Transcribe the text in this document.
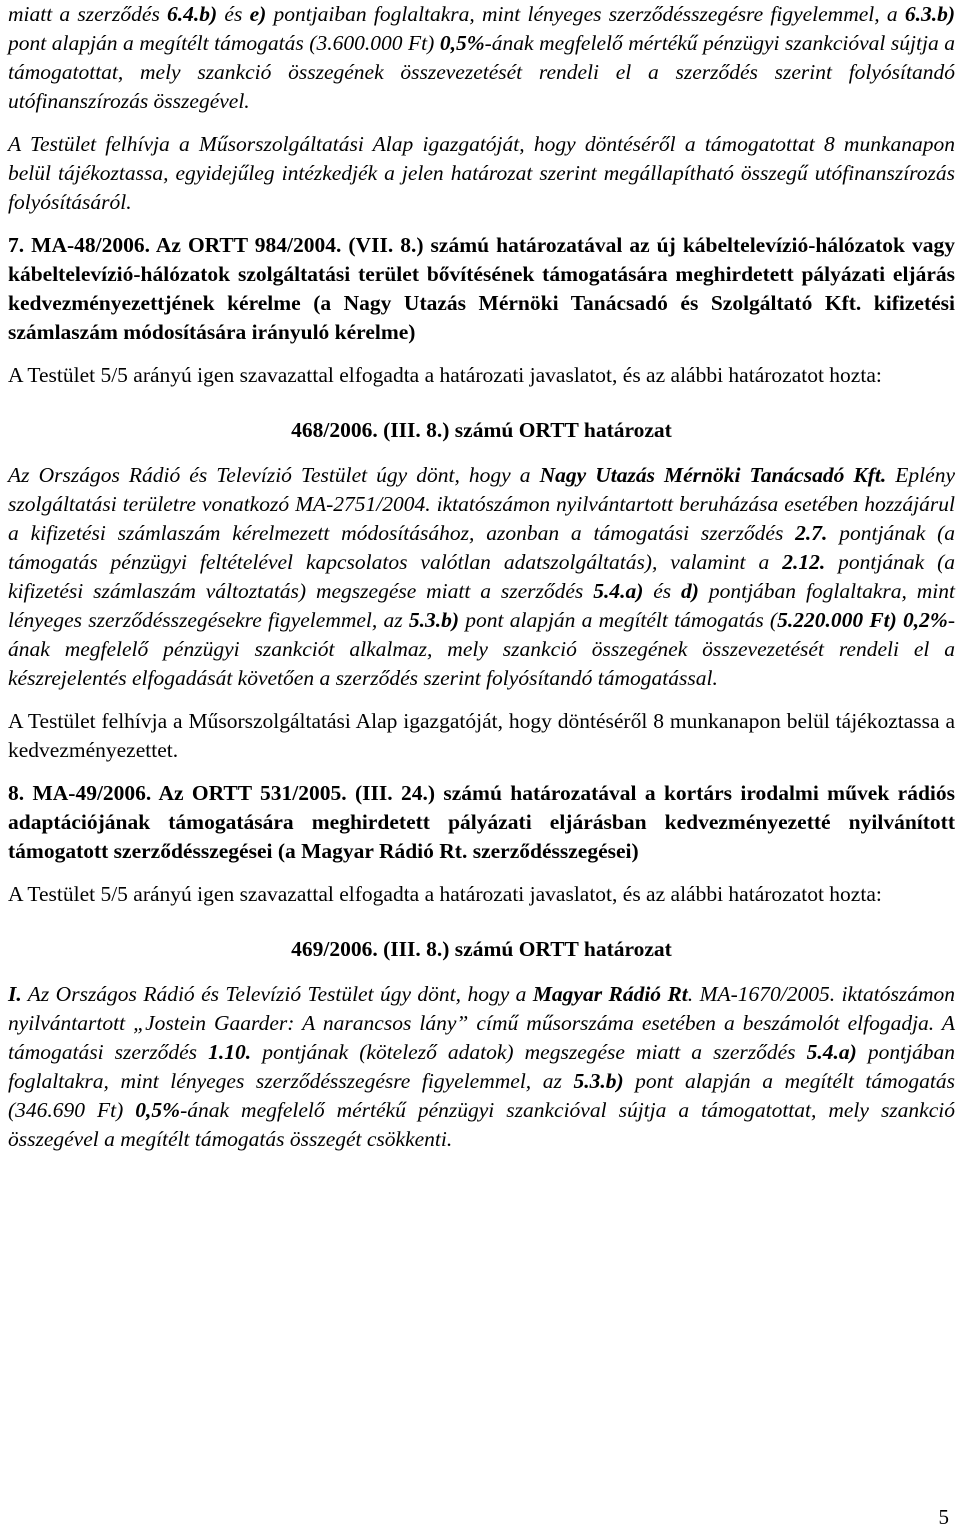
miatt a szerződés 6.4.b) és e) pontjaiban foglaltakra, mint lényeges szerződésszegésre figyelemmel, a 6.3.b) pont alapján a megítélt támogatás (3.600.000 Ft) 0,5%-ának megfelelő mértékű pénzügyi szankcióval sújtja a támogatottat, mely szankció összegének összevezetését rendeli el a szerződés szerint folyósítandó utófinanszírozás összegével.

A Testület felhívja a Műsorszolgáltatási Alap igazgatóját, hogy döntéséről a támogatottat 8 munkanapon belül tájékoztassa, egyidejűleg intézkedjék a jelen határozat szerint megállapítható összegű utófinanszírozás folyósításáról.

7. MA-48/2006. Az ORTT 984/2004. (VII. 8.) számú határozatával az új kábeltelevízió-hálózatok vagy kábeltelevízió-hálózatok szolgáltatási terület bővítésének támogatására meghirdetett pályázati eljárás kedvezményezettjének kérelme (a Nagy Utazás Mérnöki Tanácsadó és Szolgáltató Kft. kifizetési számlaszám módosítására irányuló kérelme)

A Testület 5/5 arányú igen szavazattal elfogadta a határozati javaslatot, és az alábbi határozatot hozta:

468/2006. (III. 8.) számú ORTT határozat

Az Országos Rádió és Televízió Testület úgy dönt, hogy a Nagy Utazás Mérnöki Tanácsadó Kft. Eplény szolgáltatási területre vonatkozó MA-2751/2004. iktatószámon nyilvántartott beruházása esetében hozzájárul a kifizetési számlaszám kérelmezett módosításához, azonban a támogatási szerződés 2.7. pontjának (a támogatás pénzügyi feltételével kapcsolatos valótlan adatszolgáltatás), valamint a 2.12. pontjának (a kifizetési számlaszám változtatás) megszegése miatt a szerződés 5.4.a) és d) pontjában foglaltakra, mint lényeges szerződésszegésekre figyelemmel, az 5.3.b) pont alapján a megítélt támogatás (5.220.000 Ft) 0,2%-ának megfelelő pénzügyi szankciót alkalmaz, mely szankció összegének összevezetését rendeli el a készrejelentés elfogadását követően a szerződés szerint folyósítandó támogatással.

A Testület felhívja a Műsorszolgáltatási Alap igazgatóját, hogy döntéséről 8 munkanapon belül tájékoztassa a kedvezményezettet.

8. MA-49/2006. Az ORTT 531/2005. (III. 24.) számú határozatával a kortárs irodalmi művek rádiós adaptációjának támogatására meghirdetett pályázati eljárásban kedvezményezetté nyilvánított támogatott szerződésszegései (a Magyar Rádió Rt. szerződésszegései)

A Testület 5/5 arányú igen szavazattal elfogadta a határozati javaslatot, és az alábbi határozatot hozta:

469/2006. (III. 8.) számú ORTT határozat

I. Az Országos Rádió és Televízió Testület úgy dönt, hogy a Magyar Rádió Rt. MA-1670/2005. iktatószámon nyilvántartott „Jostein Gaarder: A narancsos lány” című műsorszáma esetében a beszámolót elfogadja. A támogatási szerződés 1.10. pontjának (kötelező adatok) megszegése miatt a szerződés 5.4.a) pontjában foglaltakra, mint lényeges szerződésszegésre figyelemmel, az 5.3.b) pont alapján a megítélt támogatás (346.690 Ft) 0,5%-ának megfelelő mértékű pénzügyi szankcióval sújtja a támogatottat, mely szankció összegével a megítélt támogatás összegét csökkenti.

5
